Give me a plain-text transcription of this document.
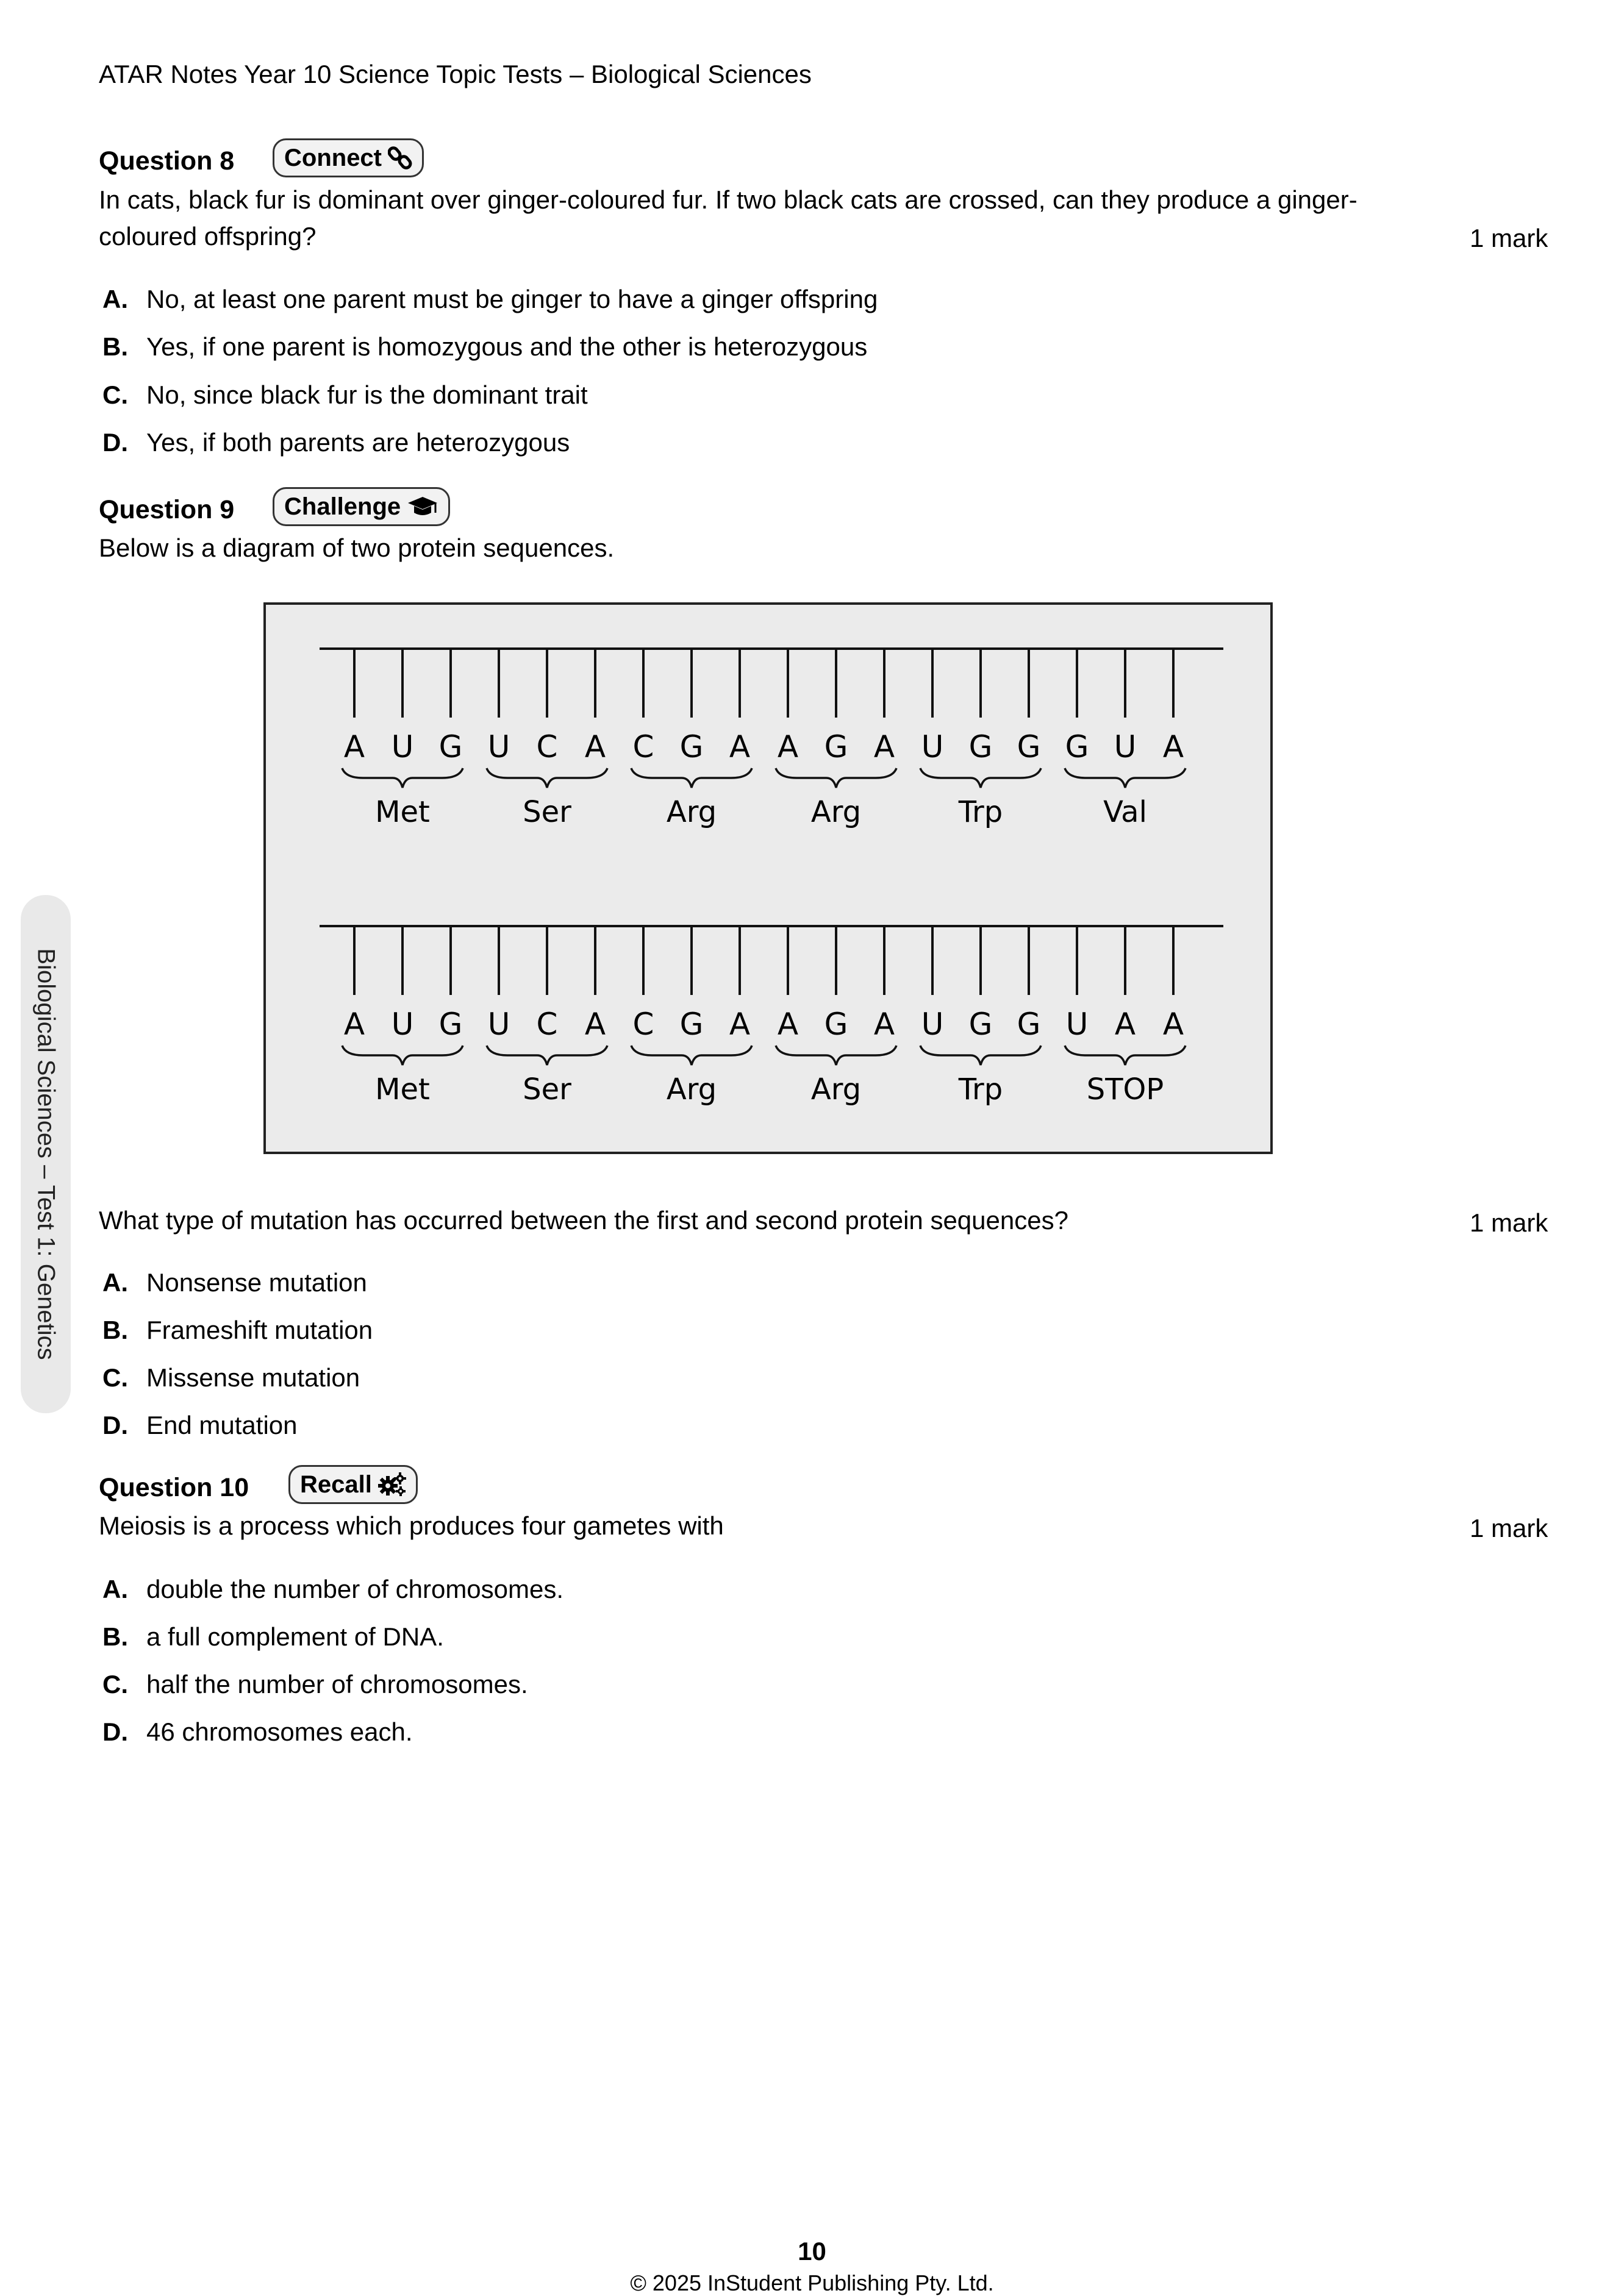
ATAR Notes Year 10 Science Topic Tests – Biological Sciences
Biological Sciences – Test 1: Genetics
Question 8 Connect
In cats, black fur is dominant over ginger-coloured fur. If two black cats are crossed, can they produce a ginger-
coloured offspring?	1 mark
A. No, at least one parent must be ginger to have a ginger offspring
B. Yes, if one parent is homozygous and the other is heterozygous
C. No, since black fur is the dominant trait
D. Yes, if both parents are heterozygous
Question 9 Challenge
Below is a diagram of two protein sequences.
A U G U C A C G A A G A U G G G U A
Met	Ser	Arg	Arg	Trp	Val
A U G U C A C G A A G A U G G U A A
Met	Ser	Arg	Arg	Trp	STOP
What type of mutation has occurred between the first and second protein sequences?	1 mark
A. Nonsense mutation
B. Frameshift mutation
C. Missense mutation
D. End mutation
Question 10 Recall
Meiosis is a process which produces four gametes with	1 mark
A. double the number of chromosomes.
B. a full complement of DNA.
C. half the number of chromosomes.
D. 46 chromosomes each.
10
© 2025 InStudent Publishing Pty. Ltd.
